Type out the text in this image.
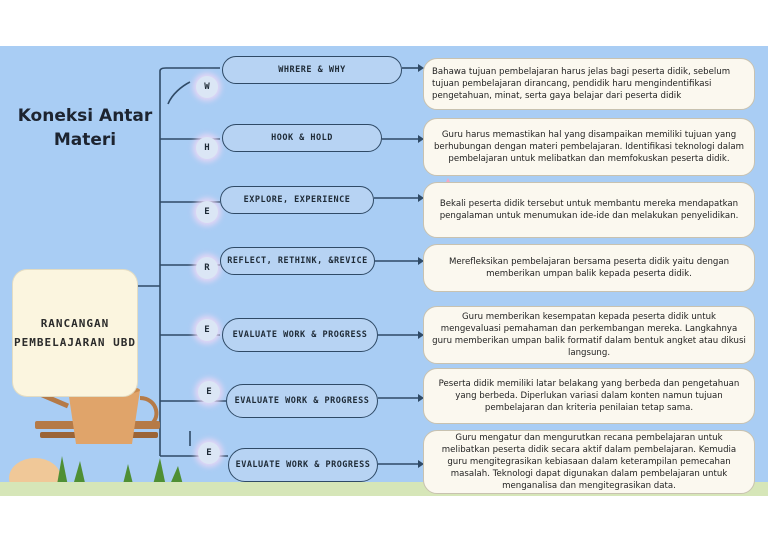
Koneksi Antar Materi
RANCANGAN PEMBELAJARAN UBD
W
WHRERE & WHY	Bahawa tujuan pembelajaran harus jelas bagi peserta didik, sebelum tujuan pembelajaran dirancang, pendidik haru mengindentifikasi pengetahuan, minat, serta gaya belajar dari peserta didik
H
HOOK & HOLD	Guru harus memastikan hal yang disampaikan memiliki tujuan yang berhubungan dengan materi pembelajaran. Identifikasi teknologi dalam pembelajaran untuk melibatkan dan memfokuskan peserta didik.
E
EXPLORE, EXPERIENCE	Bekali peserta didik tersebut untuk membantu mereka mendapatkan pengalaman untuk menumukan ide-ide dan melakukan penyelidikan.
R
REFLECT, RETHINK, &REVICE	Merefleksikan pembelajaran bersama peserta didik yaitu dengan memberikan umpan balik kepada peserta didik.
E	EVALUATE WORK & PROGRESS
Guru memberikan kesempatan kepada peserta didik untuk mengevaluasi pemahaman dan perkembangan mereka. Langkahnya guru memberikan umpan balik formatif dalam bentuk angket atau dikusi langsung.
E
EVALUATE WORK & PROGRESS
Peserta didik memiliki latar belakang yang berbeda dan pengetahuan yang berbeda. Diperlukan variasi dalam konten namun tujuan pembelajaran dan kriteria penilaian tetap sama.
E
EVALUATE WORK & PROGRESS
Guru mengatur dan mengurutkan recana pembelajaran untuk melibatkan peserta didik secara aktif dalam pembelajaran. Kemudia guru mengitegrasikan kebiasaan dalam keterampilan pemecahan masalah. Teknologi dapat digunakan dalam pembelajaran untuk menganalisa dan mengitegrasikan data.
